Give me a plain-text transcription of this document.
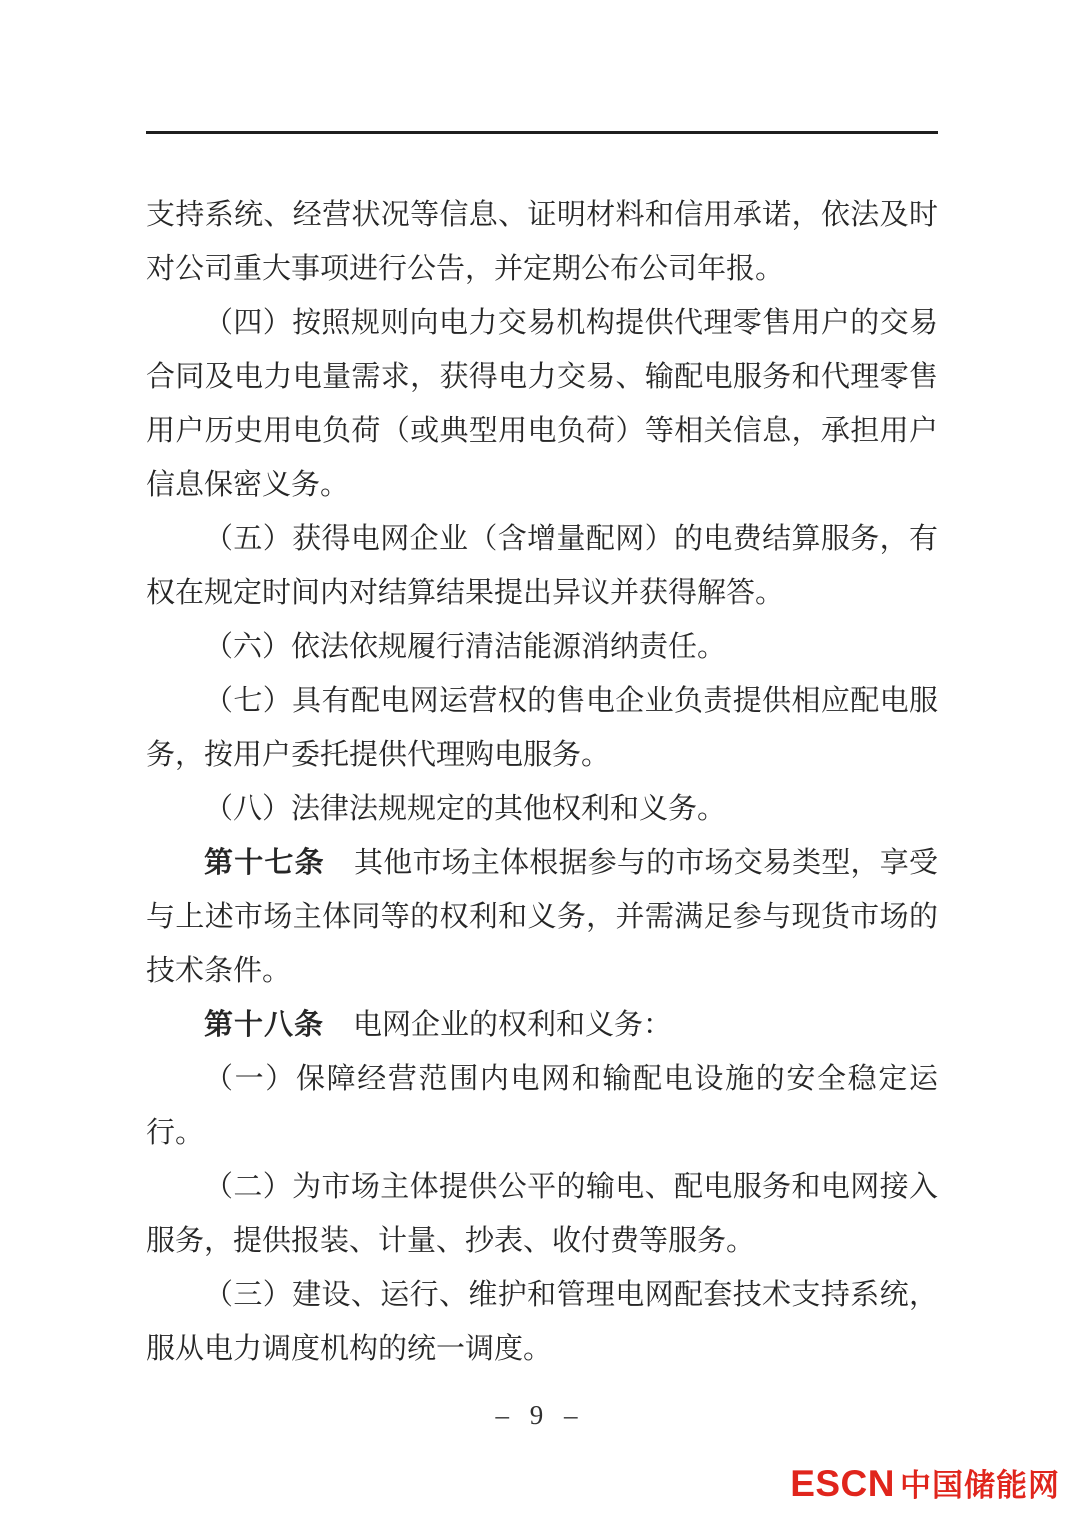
支持系统、经营状况等信息、证明材料和信用承诺，依法及时对公司重大事项进行公告，并定期公布公司年报。

（四）按照规则向电力交易机构提供代理零售用户的交易合同及电力电量需求，获得电力交易、输配电服务和代理零售用户历史用电负荷（或典型用电负荷）等相关信息，承担用户信息保密义务。

（五）获得电网企业（含增量配网）的电费结算服务，有权在规定时间内对结算结果提出异议并获得解答。

（六）依法依规履行清洁能源消纳责任。

（七）具有配电网运营权的售电企业负责提供相应配电服务，按用户委托提供代理购电服务。

（八）法律法规规定的其他权利和义务。

第十七条　 其他市场主体根据参与的市场交易类型，享受与上述市场主体同等的权利和义务，并需满足参与现货市场的技术条件。

第十八条　 电网企业的权利和义务：

（一）保障经营范围内电网和输配电设施的安全稳定运行。

（二）为市场主体提供公平的输电、配电服务和电网接入服务，提供报装、计量、抄表、收付费等服务。

（三）建设、运行、维护和管理电网配套技术支持系统，服从电力调度机构的统一调度。

– 9 –
ESCN 中国储能网
